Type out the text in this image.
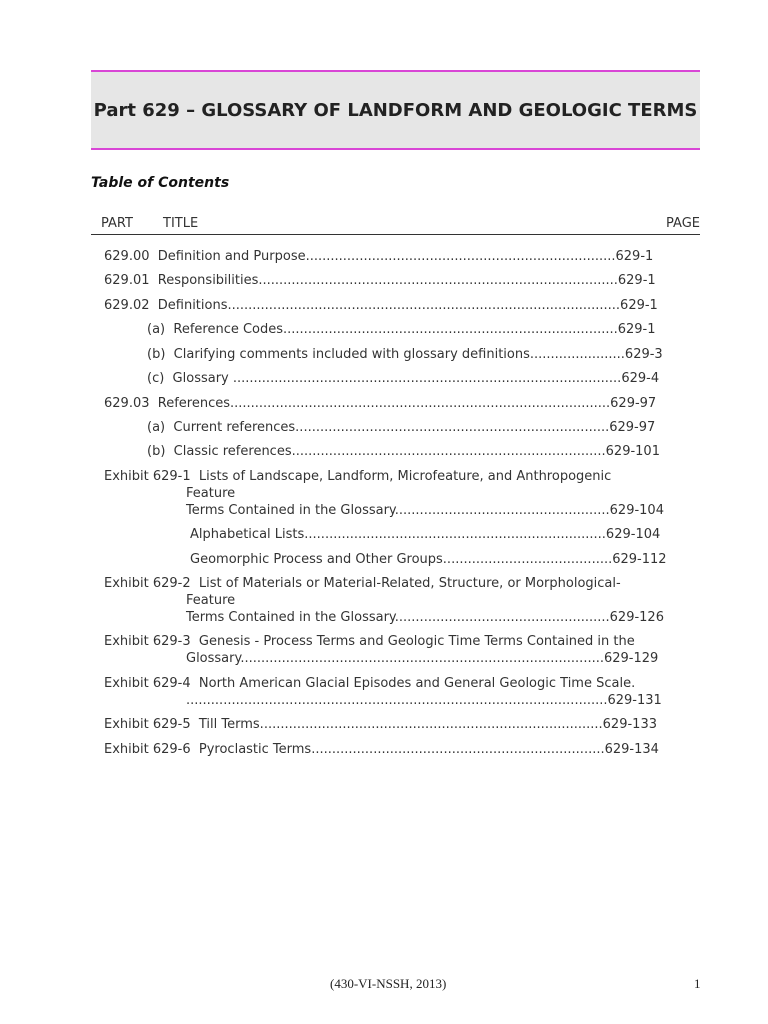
Part 629 – GLOSSARY OF LANDFORM AND GEOLOGIC TERMS
Table of Contents
PART TITLE	PAGE
629.00  Definition and Purpose...........................................................................629-1
629.01  Responsibilities.......................................................................................629-1
629.02  Definitions...............................................................................................629-1
(a)  Reference Codes.................................................................................629-1
(b)  Clarifying comments included with glossary definitions.......................629-3
(c)  Glossary ..............................................................................................629-4
629.03  References............................................................................................629-97
(a)  Current references............................................................................629-97
(b)  Classic references............................................................................629-101
Exhibit 629-1  Lists of Landscape, Landform, Microfeature, and Anthropogenic
Feature
Terms Contained in the Glossary....................................................629-104
Alphabetical Lists.........................................................................629-104
Geomorphic Process and Other Groups.........................................629-112
Exhibit 629-2  List of Materials or Material-Related, Structure, or Morphological-
Feature
Terms Contained in the Glossary....................................................629-126
Exhibit 629-3  Genesis - Process Terms and Geologic Time Terms Contained in the
Glossary........................................................................................629-129
Exhibit 629-4  North American Glacial Episodes and General Geologic Time Scale.
......................................................................................................629-131
Exhibit 629-5  Till Terms...................................................................................629-133
Exhibit 629-6  Pyroclastic Terms.......................................................................629-134
(430-VI-NSSH, 2013)	1
